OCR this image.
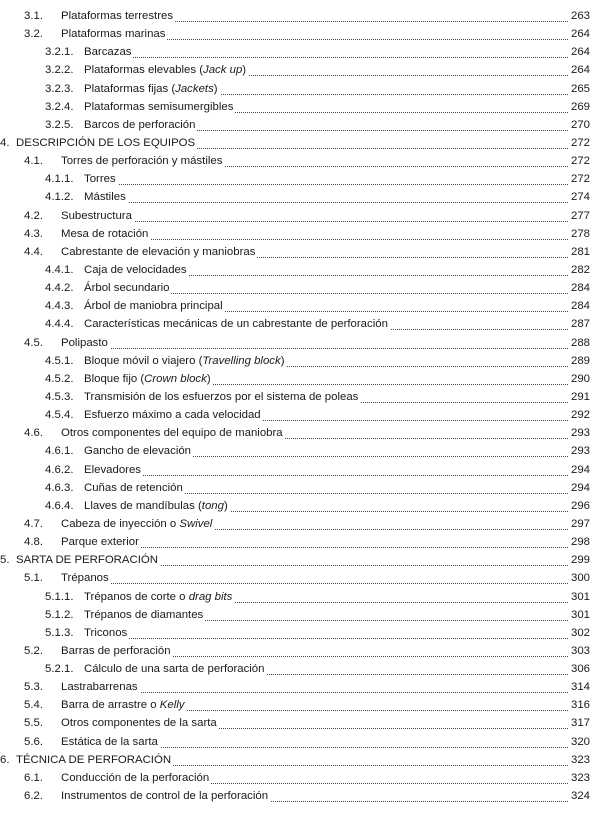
3.1. Plataformas terrestres	263
3.2. Plataformas marinas	264
3.2.1. Barcazas	264
3.2.2. Plataformas elevables (Jack up)	264
3.2.3. Plataformas fijas (Jackets)	265
3.2.4. Plataformas semisumergibles	269
3.2.5. Barcos de perforación	270
4. DESCRIPCIÓN DE LOS EQUIPOS	272
4.1. Torres de perforación y mástiles	272
4.1.1. Torres	272
4.1.2. Mástiles	274
4.2. Subestructura	277
4.3. Mesa de rotación	278
4.4. Cabrestante de elevación y maniobras	281
4.4.1. Caja de velocidades	282
4.4.2. Árbol secundario	284
4.4.3. Árbol de maniobra principal	284
4.4.4. Características mecánicas de un cabrestante de perforación	287
4.5. Polipasto	288
4.5.1. Bloque móvil o viajero (Travelling block)	289
4.5.2. Bloque fijo (Crown block)	290
4.5.3. Transmisión de los esfuerzos por el sistema de poleas	291
4.5.4. Esfuerzo máximo a cada velocidad	292
4.6. Otros componentes del equipo de maniobra	293
4.6.1. Gancho de elevación	293
4.6.2. Elevadores	294
4.6.3. Cuñas de retención	294
4.6.4. Llaves de mandíbulas (tong)	296
4.7. Cabeza de inyección o Swivel	297
4.8. Parque exterior	298
5. SARTA DE PERFORACIÓN	299
5.1. Trépanos	300
5.1.1. Trépanos de corte o drag bits	301
5.1.2. Trépanos de diamantes	301
5.1.3. Triconos	302
5.2. Barras de perforación	303
5.2.1. Cálculo de una sarta de perforación	306
5.3. Lastrabarrenas	314
5.4. Barra de arrastre o Kelly	316
5.5. Otros componentes de la sarta	317
5.6. Estática de la sarta	320
6. TÉCNICA DE PERFORACIÓN	323
6.1. Conducción de la perforación	323
6.2. Instrumentos de control de la perforación	324
